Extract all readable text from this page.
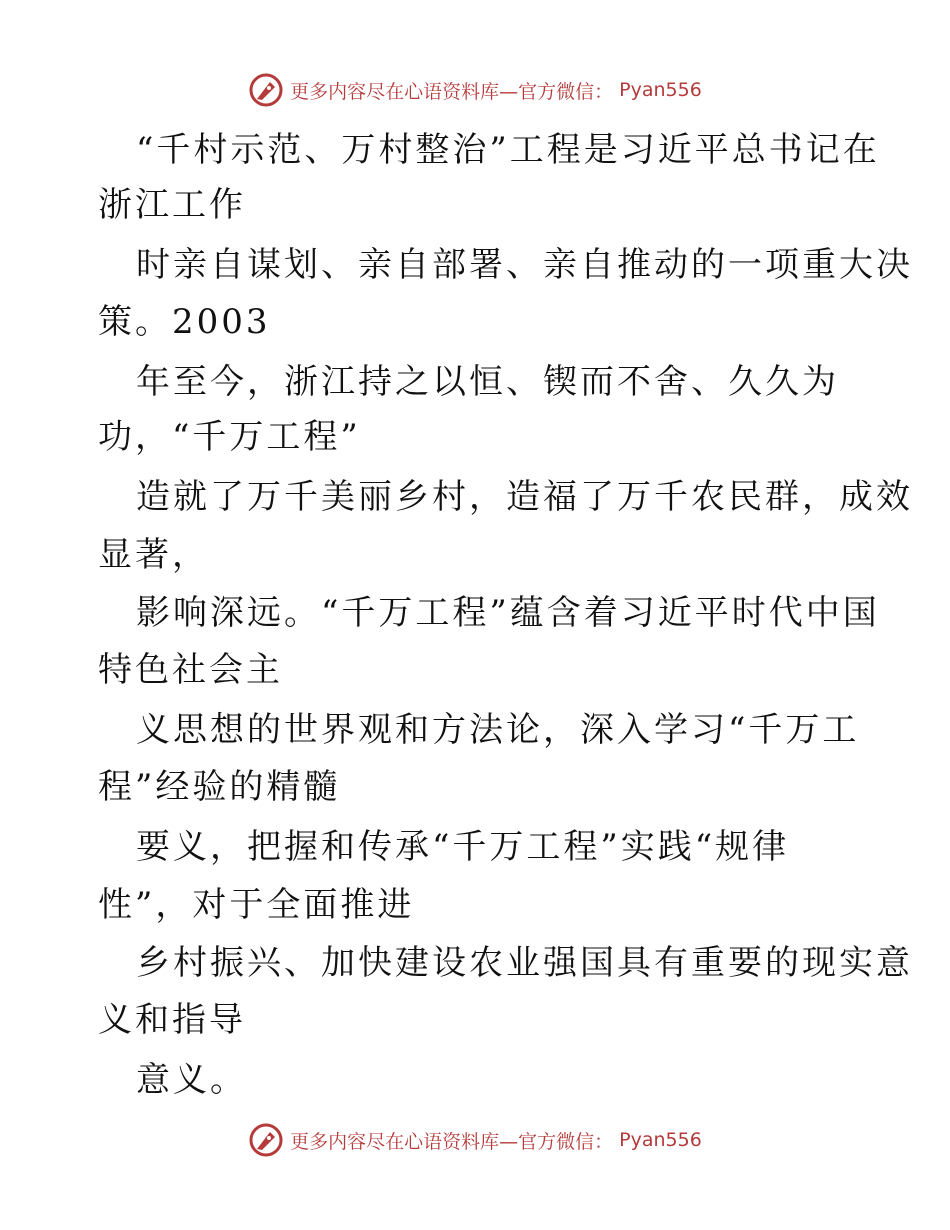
更多内容尽在心语资料库—官方微信： Pyan556
“千村示范、万村整治”工程是习近平总书记在
浙江工作
时亲自谋划、亲自部署、亲自推动的一项重大决
策。2003
年至今，浙江持之以恒、锲而不舍、久久为
功，“千万工程”
造就了万千美丽乡村，造福了万千农民群，成效
显著，
影响深远。“千万工程”蕴含着习近平时代中国
特色社会主
义思想的世界观和方法论，深入学习“千万工
程”经验的精髓
要义，把握和传承“千万工程”实践“规律
性”，对于全面推进
乡村振兴、加快建设农业强国具有重要的现实意
义和指导
意义。
更多内容尽在心语资料库—官方微信： Pyan556
